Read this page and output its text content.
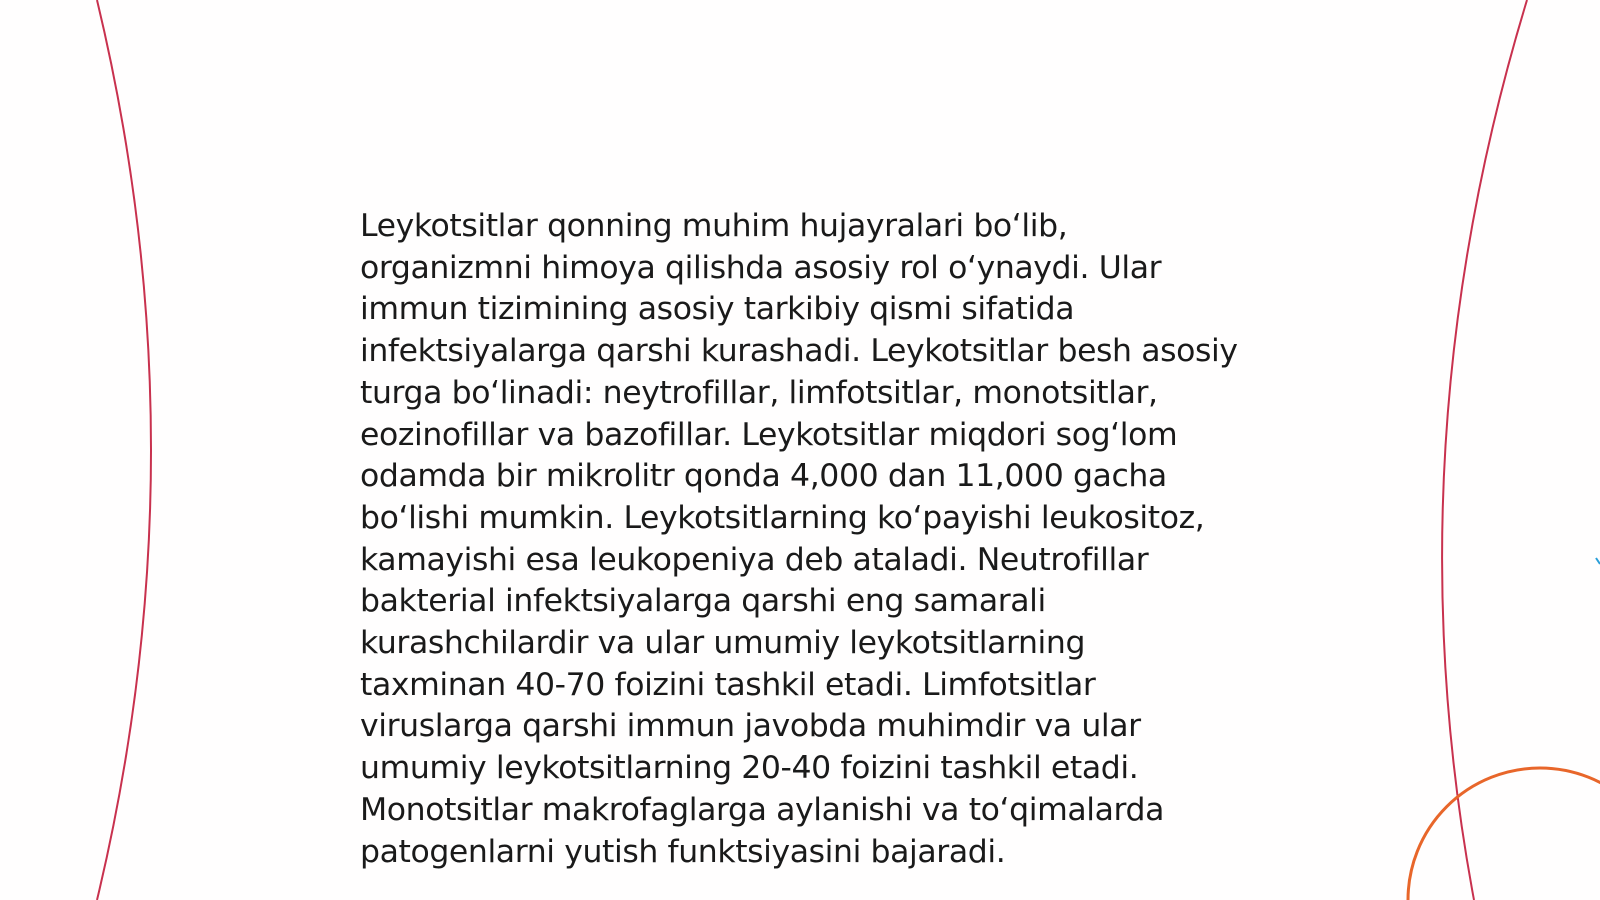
Leykotsitlar qonning muhim hujayralari bo‘lib, organizmni himoya qilishda asosiy rol o‘ynaydi. Ular immun tizimining asosiy tarkibiy qismi sifatida infektsiyalarga qarshi kurashadi. Leykotsitlar besh asosiy turga bo‘linadi: neytrofillar, limfotsitlar, monotsitlar, eozinofillar va bazofillar. Leykotsitlar miqdori sog‘lom odamda bir mikrolitr qonda 4,000 dan 11,000 gacha bo‘lishi mumkin. Leykotsitlarning ko‘payishi leukositoz, kamayishi esa leukopeniya deb ataladi. Neutrofillar bakterial infektsiyalarga qarshi eng samarali kurashchilardir va ular umumiy leykotsitlarning taxminan 40-70 foizini tashkil etadi. Limfotsitlar viruslarga qarshi immun javobda muhimdir va ular umumiy leykotsitlarning 20-40 foizini tashkil etadi. Monotsitlar makrofaglarga aylanishi va to‘qimalarda patogenlarni yutish funktsiyasini bajaradi.
